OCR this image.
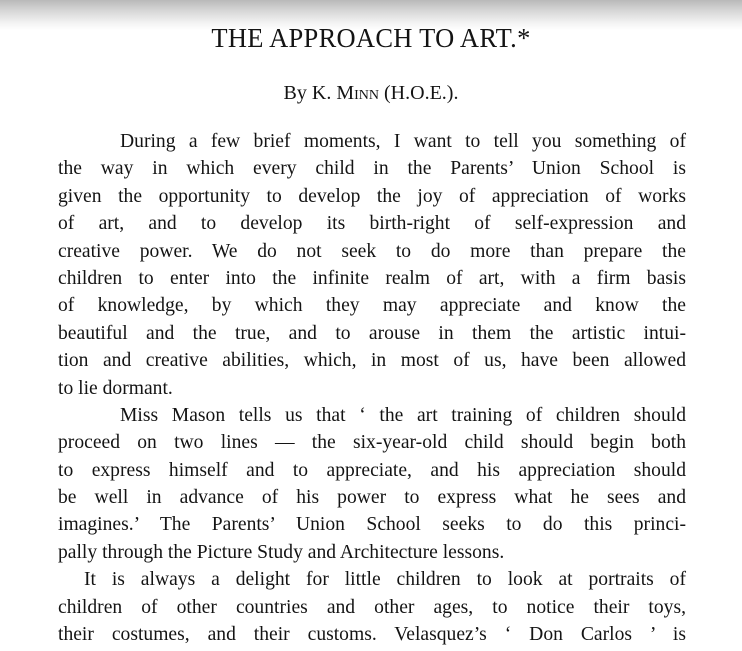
THE APPROACH TO ART.*

By K. Minn (H.O.E.).

During a few brief moments, I want to tell you something of
the way in which every child in the Parents’ Union School is
given the opportunity to develop the joy of appreciation of works
of art, and to develop its birth-right of self-expression and
creative power. We do not seek to do more than prepare the
children to enter into the infinite realm of art, with a firm basis
of knowledge, by which they may appreciate and know the
beautiful and the true, and to arouse in them the artistic intui-
tion and creative abilities, which, in most of us, have been allowed
to lie dormant.
Miss Mason tells us that ‘ the art training of children should
proceed on two lines — the six-year-old child should begin both
to express himself and to appreciate, and his appreciation should
be well in advance of his power to express what he sees and
imagines.’ The Parents’ Union School seeks to do this princi-
pally through the Picture Study and Architecture lessons.
It is always a delight for little children to look at portraits of
children of other countries and other ages, to notice their toys,
their costumes, and their customs. Velasquez’s ‘ Don Carlos ’ is
